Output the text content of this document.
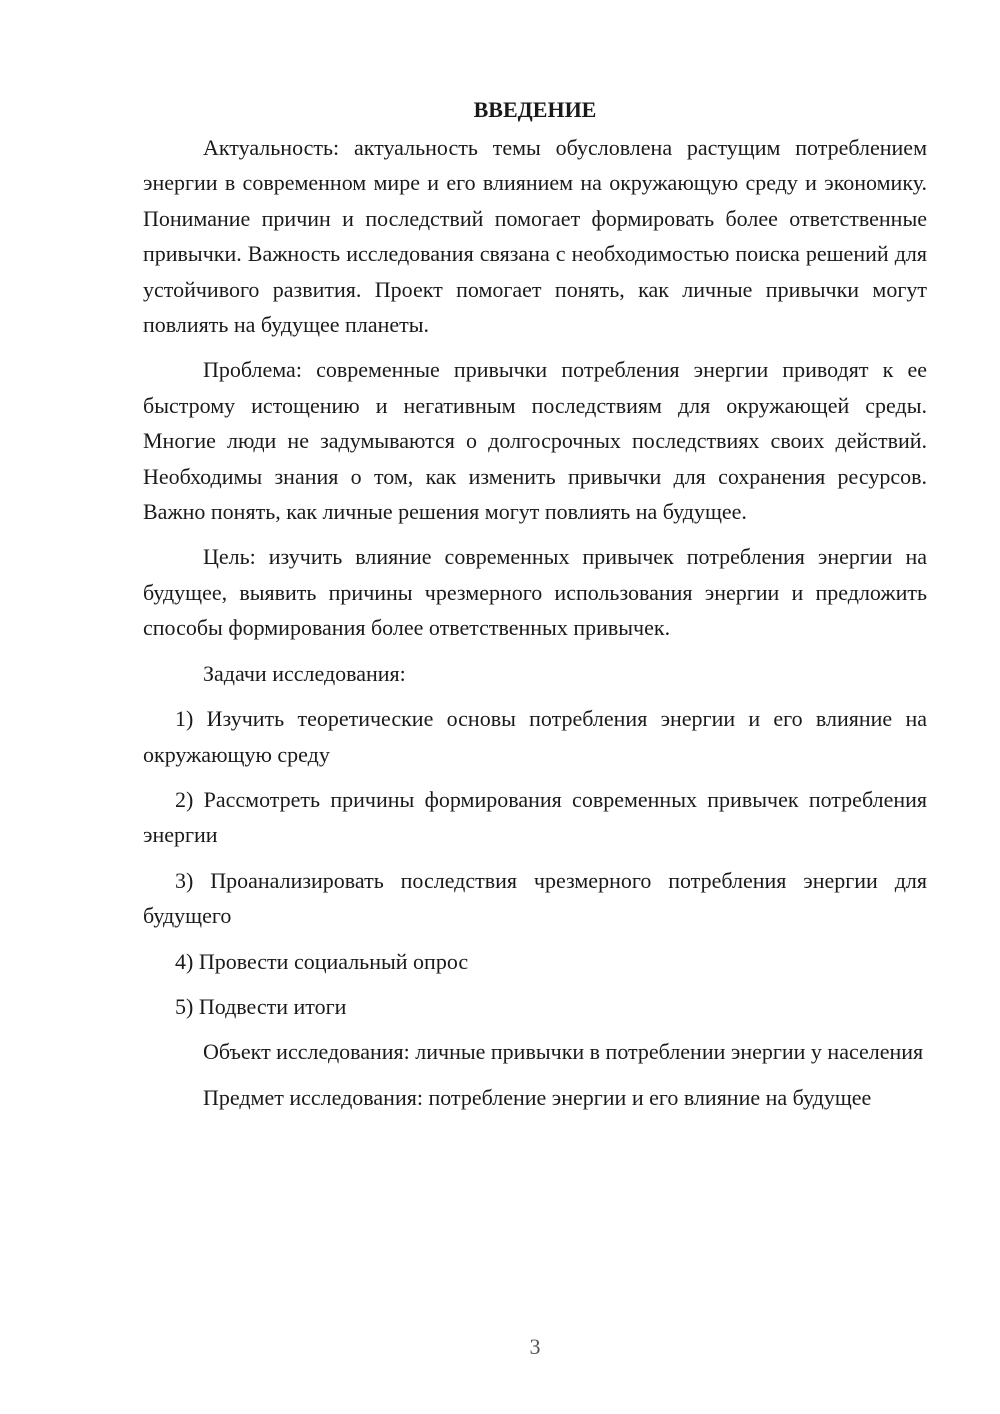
ВВЕДЕНИЕ

Актуальность: актуальность темы обусловлена растущим потреблением энергии в современном мире и его влиянием на окружающую среду и экономику. Понимание причин и последствий помогает формировать более ответственные привычки. Важность исследования связана с необходимостью поиска решений для устойчивого развития. Проект помогает понять, как личные привычки могут повлиять на будущее планеты.

Проблема: современные привычки потребления энергии приводят к ее быстрому истощению и негативным последствиям для окружающей среды. Многие люди не задумываются о долгосрочных последствиях своих действий. Необходимы знания о том, как изменить привычки для сохранения ресурсов. Важно понять, как личные решения могут повлиять на будущее.

Цель: изучить влияние современных привычек потребления энергии на будущее, выявить причины чрезмерного использования энергии и предложить способы формирования более ответственных привычек.

Задачи исследования:

1) Изучить теоретические основы потребления энергии и его влияние на окружающую среду

2) Рассмотреть причины формирования современных привычек потребления энергии

3) Проанализировать последствия чрезмерного потребления энергии для будущего

4) Провести социальный опрос

5) Подвести итоги

Объект исследования: личные привычки в потреблении энергии у населения

Предмет исследования: потребление энергии и его влияние на будущее

3
